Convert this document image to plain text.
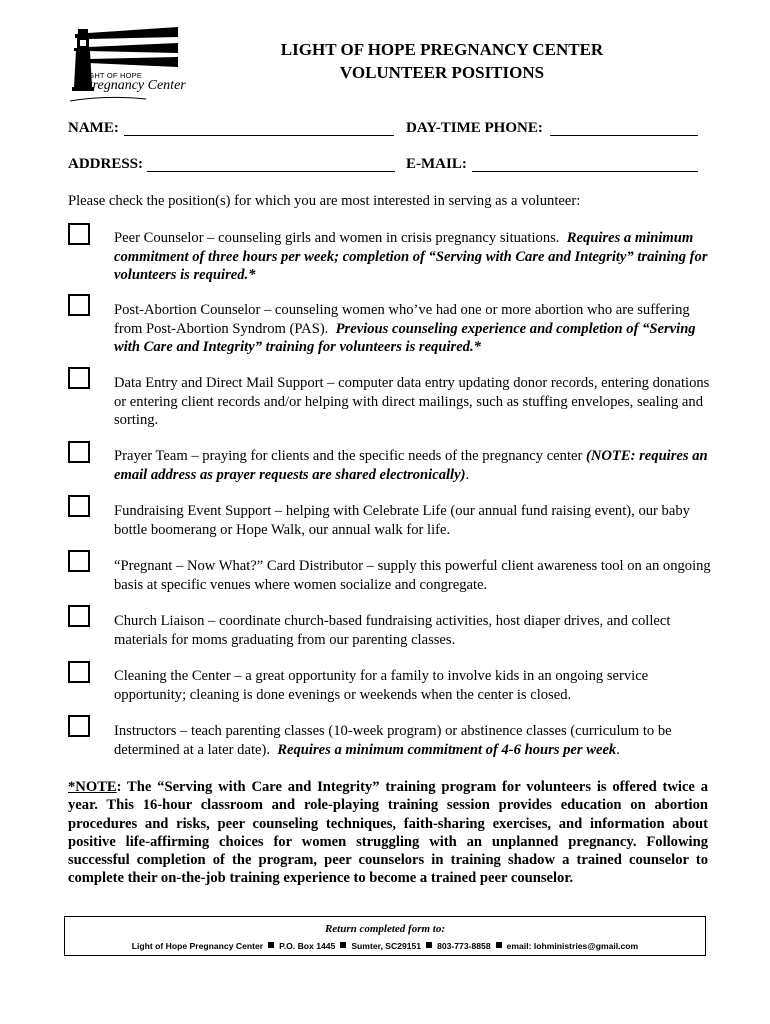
IGHT OF HOPE
Pregnancy Center
LIGHT OF HOPE PREGNANCY CENTER
VOLUNTEER POSITIONS
NAME:	DAY-TIME PHONE:
ADDRESS:	E-MAIL:
Please check the position(s) for which you are most interested in serving as a volunteer:
Peer Counselor – counseling girls and women in crisis pregnancy situations. Requires a minimum commitment of three hours per week; completion of “Serving with Care and Integrity” training for volunteers is required.*
Post-Abortion Counselor – counseling women who’ve had one or more abortion who are suffering from Post-Abortion Syndrom (PAS). Previous counseling experience and completion of “Serving with Care and Integrity” training for volunteers is required.*
Data Entry and Direct Mail Support – computer data entry updating donor records, entering donations or entering client records and/or helping with direct mailings, such as stuffing envelopes, sealing and sorting.
Prayer Team – praying for clients and the specific needs of the pregnancy center (NOTE: requires an email address as prayer requests are shared electronically).
Fundraising Event Support – helping with Celebrate Life (our annual fund raising event), our baby bottle boomerang or Hope Walk, our annual walk for life.
“Pregnant – Now What?” Card Distributor – supply this powerful client awareness tool on an ongoing basis at specific venues where women socialize and congregate.
Church Liaison – coordinate church-based fundraising activities, host diaper drives, and collect materials for moms graduating from our parenting classes.
Cleaning the Center – a great opportunity for a family to involve kids in an ongoing service opportunity; cleaning is done evenings or weekends when the center is closed.
Instructors – teach parenting classes (10-week program) or abstinence classes (curriculum to be determined at a later date). Requires a minimum commitment of 4-6 hours per week.
*NOTE: The “Serving with Care and Integrity” training program for volunteers is offered twice a year. This 16-hour classroom and role-playing training session provides education on abortion procedures and risks, peer counseling techniques, faith-sharing exercises, and information about positive life-affirming choices for women struggling with an unplanned pregnancy. Following successful completion of the program, peer counselors in training shadow a trained counselor to complete their on-the-job training experience to become a trained peer counselor.
Return completed form to:
Light of Hope Pregnancy Center P.O. Box 1445 Sumter, SC29151 803-773-8858 email: lohministries@gmail.com
